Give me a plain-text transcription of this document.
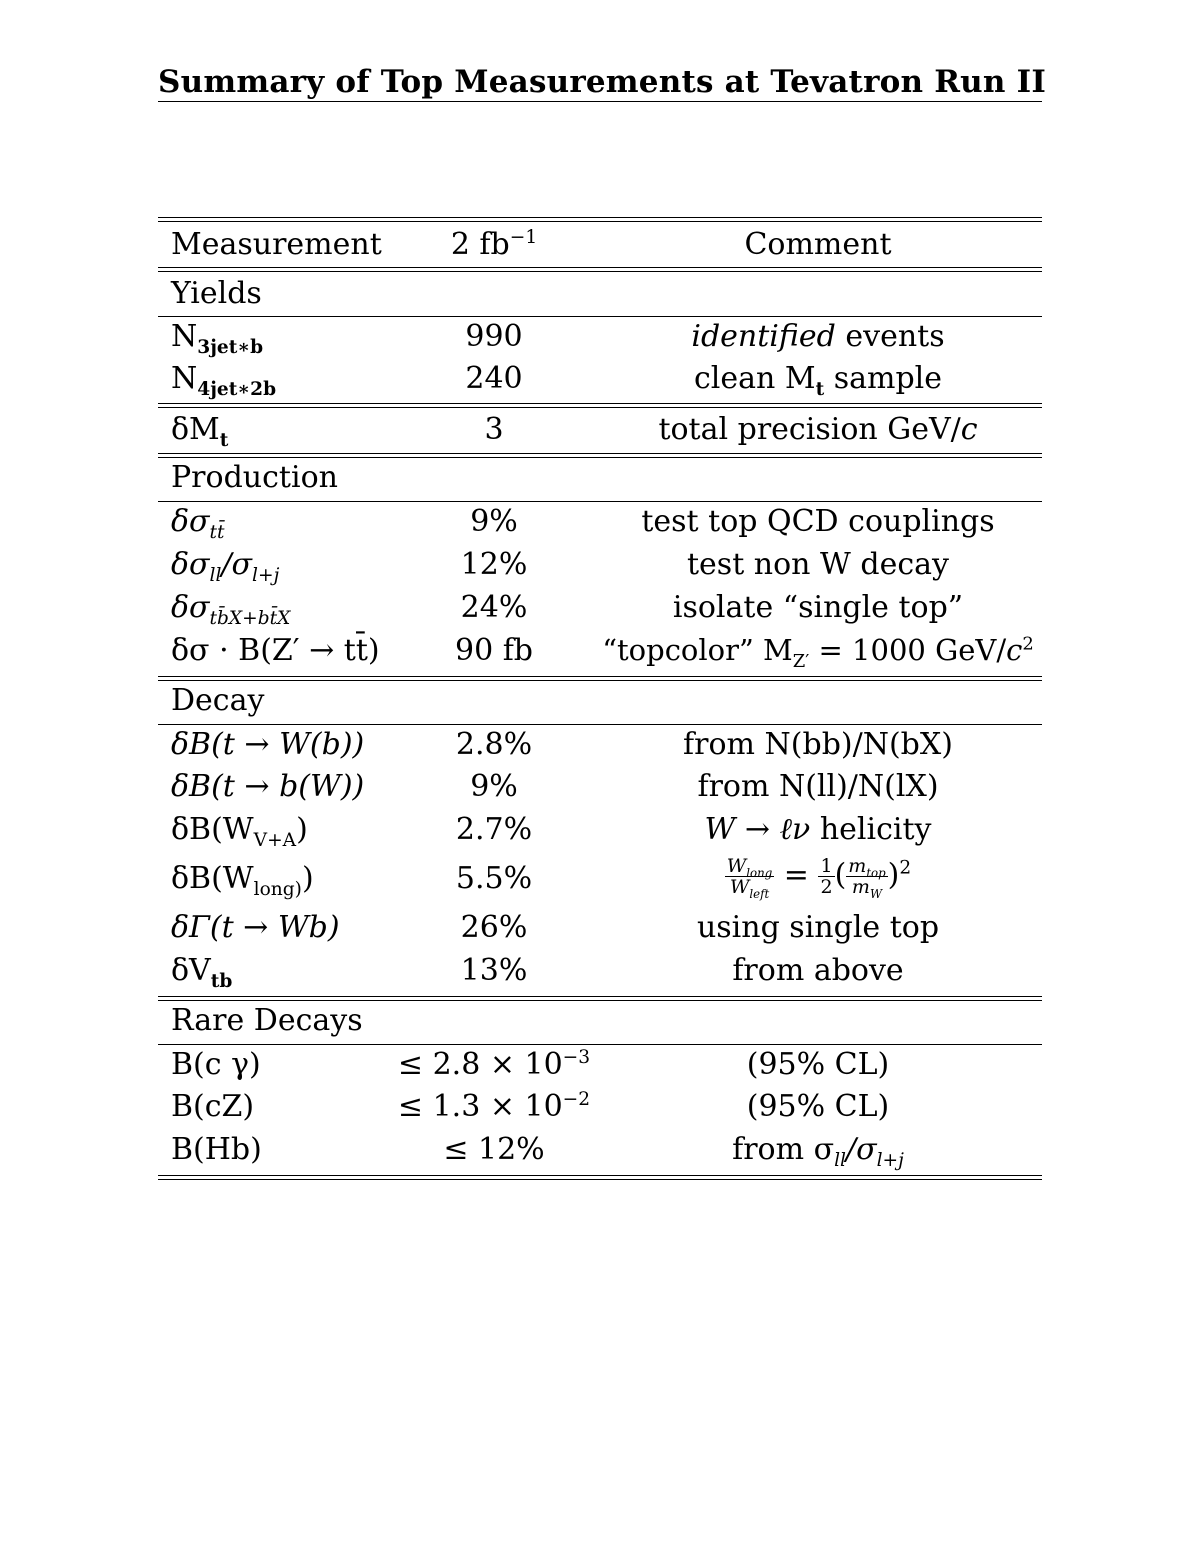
Summary of Top Measurements at Tevatron Run II
Measurement	2 $fb^{-1}$	Comment
Yields
$N_{3jet∗b}$	990	identified events
$N_{4jet∗2b}$	240	clean $M_t$ sample
$\delta M_t$	3	total precision GeV/c
Production
$\delta\sigma_{tt̄}$	9%	test top QCD couplings
$\delta\sigma_{ll}/\sigma_{l+j}$	12%	test non W decay
$\delta\sigma_{tb̄X+bt̄X}$	24%	isolate “single top”
δσ · B(Z′ → tt̄)	90 fb	“topcolor” $M_{Z'} = 1000$ GeV/$c^2$
Decay
δB(t → W(b))	2.8%	from N(bb)/N(bX)
δB(t → b(W))	9%	from N(ll)/N(lX)
$\delta B(W_{V+A})$	2.7%	W → ℓν helicity
$\delta B(W_{long)})$	5.5%	$\frac{W_{long}}{W_{left}} = \frac{1}{2}$ ( $\frac{m_{top}}{m_W} )^2$
δΓ(t → Wb)	26%	using single top
$\delta V_{tb}$	13%	from above
Rare Decays
B(c γ)	≤ $2.8 \times 10^{-3}$	(95% CL)
B(cZ)	≤ $1.3 \times 10^{-2}$	(95% CL)
B(Hb)	≤ 12%	from $\sigma_{ll}/\sigma_{l+j}$
